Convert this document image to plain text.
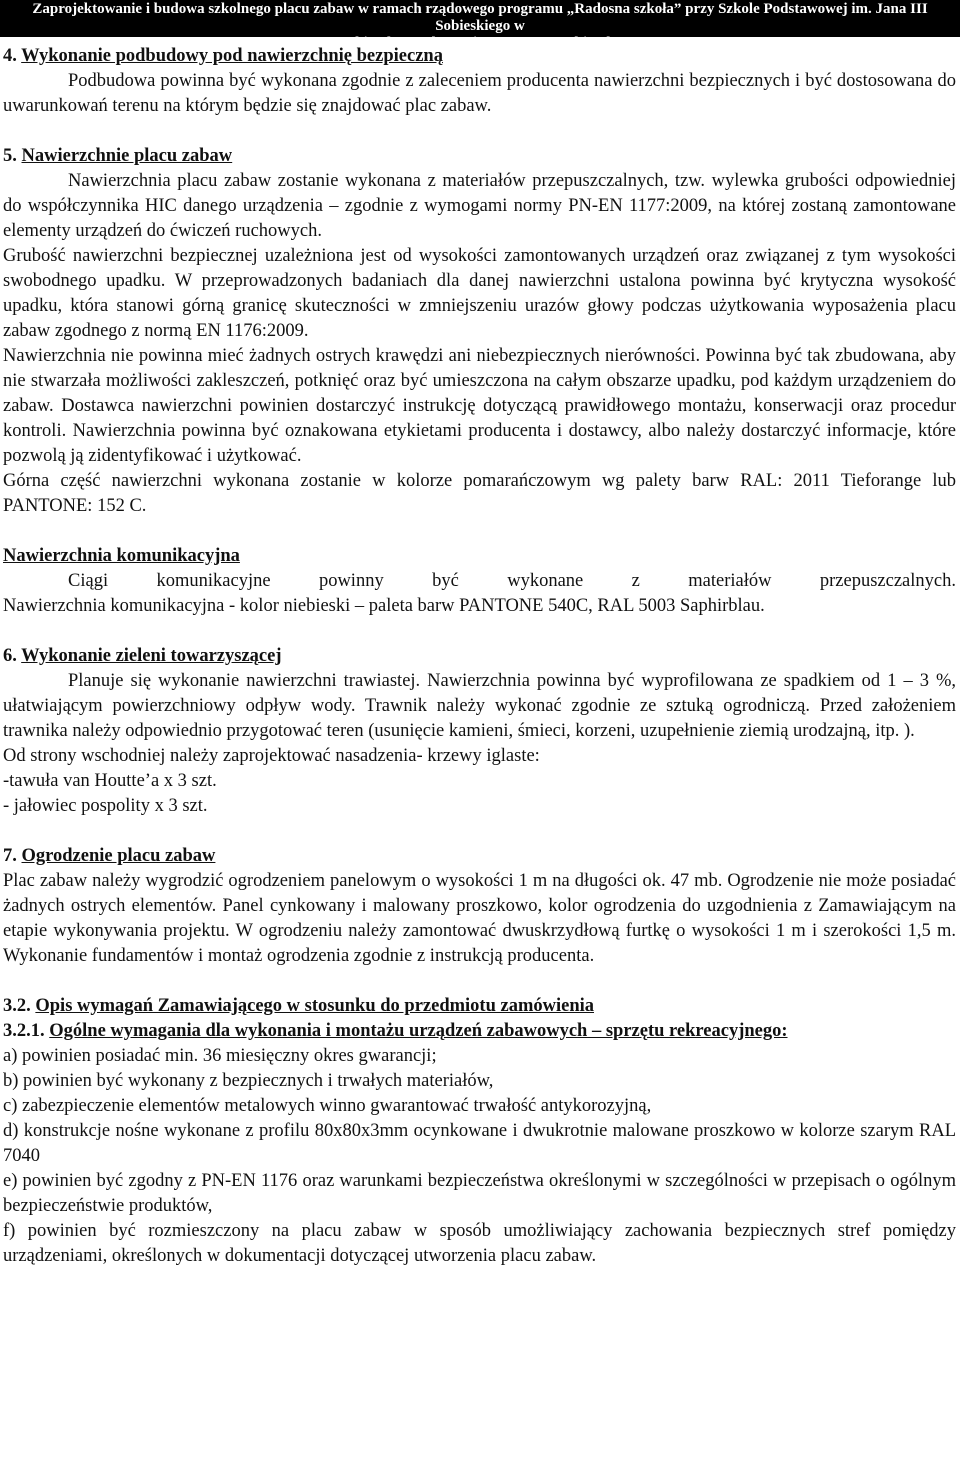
Zaprojektowanie i budowa szkolnego placu zabaw w ramach rządowego programu „Radosna szkoła” przy Szkole Podstawowej im. Jana III Sobieskiego w
Zbiersku; Cukrownia 144, 62-830 Zbiersk

4. Wykonanie podbudowy pod nawierzchnię bezpieczną

Podbudowa powinna być wykonana zgodnie z zaleceniem producenta nawierzchni bezpiecznych i być dostosowana do uwarunkowań terenu na którym będzie się znajdować plac zabaw.

5. Nawierzchnie placu zabaw

Nawierzchnia placu zabaw zostanie wykonana z materiałów przepuszczalnych, tzw. wylewka grubości odpowiedniej do współczynnika HIC danego urządzenia – zgodnie z wymogami normy PN-EN 1177:2009, na której zostaną zamontowane elementy urządzeń do ćwiczeń ruchowych.

Grubość nawierzchni bezpiecznej uzależniona jest od wysokości zamontowanych urządzeń oraz związanej z tym wysokości swobodnego upadku. W przeprowadzonych badaniach dla danej nawierzchni ustalona powinna być krytyczna wysokość upadku, która stanowi górną granicę skuteczności w zmniejszeniu urazów głowy podczas użytkowania wyposażenia placu zabaw zgodnego z normą EN 1176:2009.

Nawierzchnia nie powinna mieć żadnych ostrych krawędzi ani niebezpiecznych nierówności. Powinna być tak zbudowana, aby nie stwarzała możliwości zakleszczeń, potknięć oraz być umieszczona na całym obszarze upadku, pod każdym urządzeniem do zabaw. Dostawca nawierzchni powinien dostarczyć instrukcję dotyczącą prawidłowego montażu, konserwacji oraz procedur kontroli. Nawierzchnia powinna być oznakowana etykietami producenta i dostawcy, albo należy dostarczyć informacje, które pozwolą ją zidentyfikować i użytkować.

Górna część nawierzchni wykonana zostanie w kolorze pomarańczowym wg palety barw RAL: 2011 Tieforange lub PANTONE: 152 C.

Nawierzchnia komunikacyjna

Ciągi komunikacyjne powinny być wykonane z materiałów przepuszczalnych.

Nawierzchnia komunikacyjna - kolor niebieski – paleta barw PANTONE 540C, RAL 5003 Saphirblau.

6. Wykonanie zieleni towarzyszącej

Planuje się wykonanie nawierzchni trawiastej. Nawierzchnia powinna być wyprofilowana ze spadkiem od 1 – 3 %, ułatwiającym powierzchniowy odpływ wody. Trawnik należy wykonać zgodnie ze sztuką ogrodniczą. Przed założeniem trawnika należy odpowiednio przygotować teren (usunięcie kamieni, śmieci, korzeni, uzupełnienie ziemią urodzajną, itp. ).

Od strony wschodniej należy zaprojektować nasadzenia- krzewy iglaste:

-tawuła van Houtte’a x 3 szt.

- jałowiec pospolity x 3 szt.

7. Ogrodzenie placu zabaw

Plac zabaw należy wygrodzić ogrodzeniem panelowym o wysokości 1 m na długości ok. 47 mb. Ogrodzenie nie może posiadać żadnych ostrych elementów. Panel cynkowany i malowany proszkowo, kolor ogrodzenia do uzgodnienia z Zamawiającym na etapie wykonywania projektu. W ogrodzeniu należy zamontować dwuskrzydłową furtkę o wysokości 1 m i szerokości 1,5 m. Wykonanie fundamentów i montaż ogrodzenia zgodnie z instrukcją producenta.

3.2. Opis wymagań Zamawiającego w stosunku do przedmiotu zamówienia

3.2.1. Ogólne wymagania dla wykonania i montażu urządzeń zabawowych – sprzętu rekreacyjnego:

a) powinien posiadać min. 36 miesięczny okres gwarancji;

b) powinien być wykonany z bezpiecznych i trwałych materiałów,

c) zabezpieczenie elementów metalowych winno gwarantować trwałość antykorozyjną,

d) konstrukcje nośne wykonane z profilu 80x80x3mm ocynkowane i dwukrotnie malowane proszkowo w kolorze szarym RAL 7040

e) powinien być zgodny z PN-EN 1176 oraz warunkami bezpieczeństwa określonymi w szczególności w przepisach o ogólnym bezpieczeństwie produktów,

f) powinien być rozmieszczony na placu zabaw w sposób umożliwiający zachowania bezpiecznych stref pomiędzy urządzeniami, określonych w dokumentacji dotyczącej utworzenia placu zabaw.
